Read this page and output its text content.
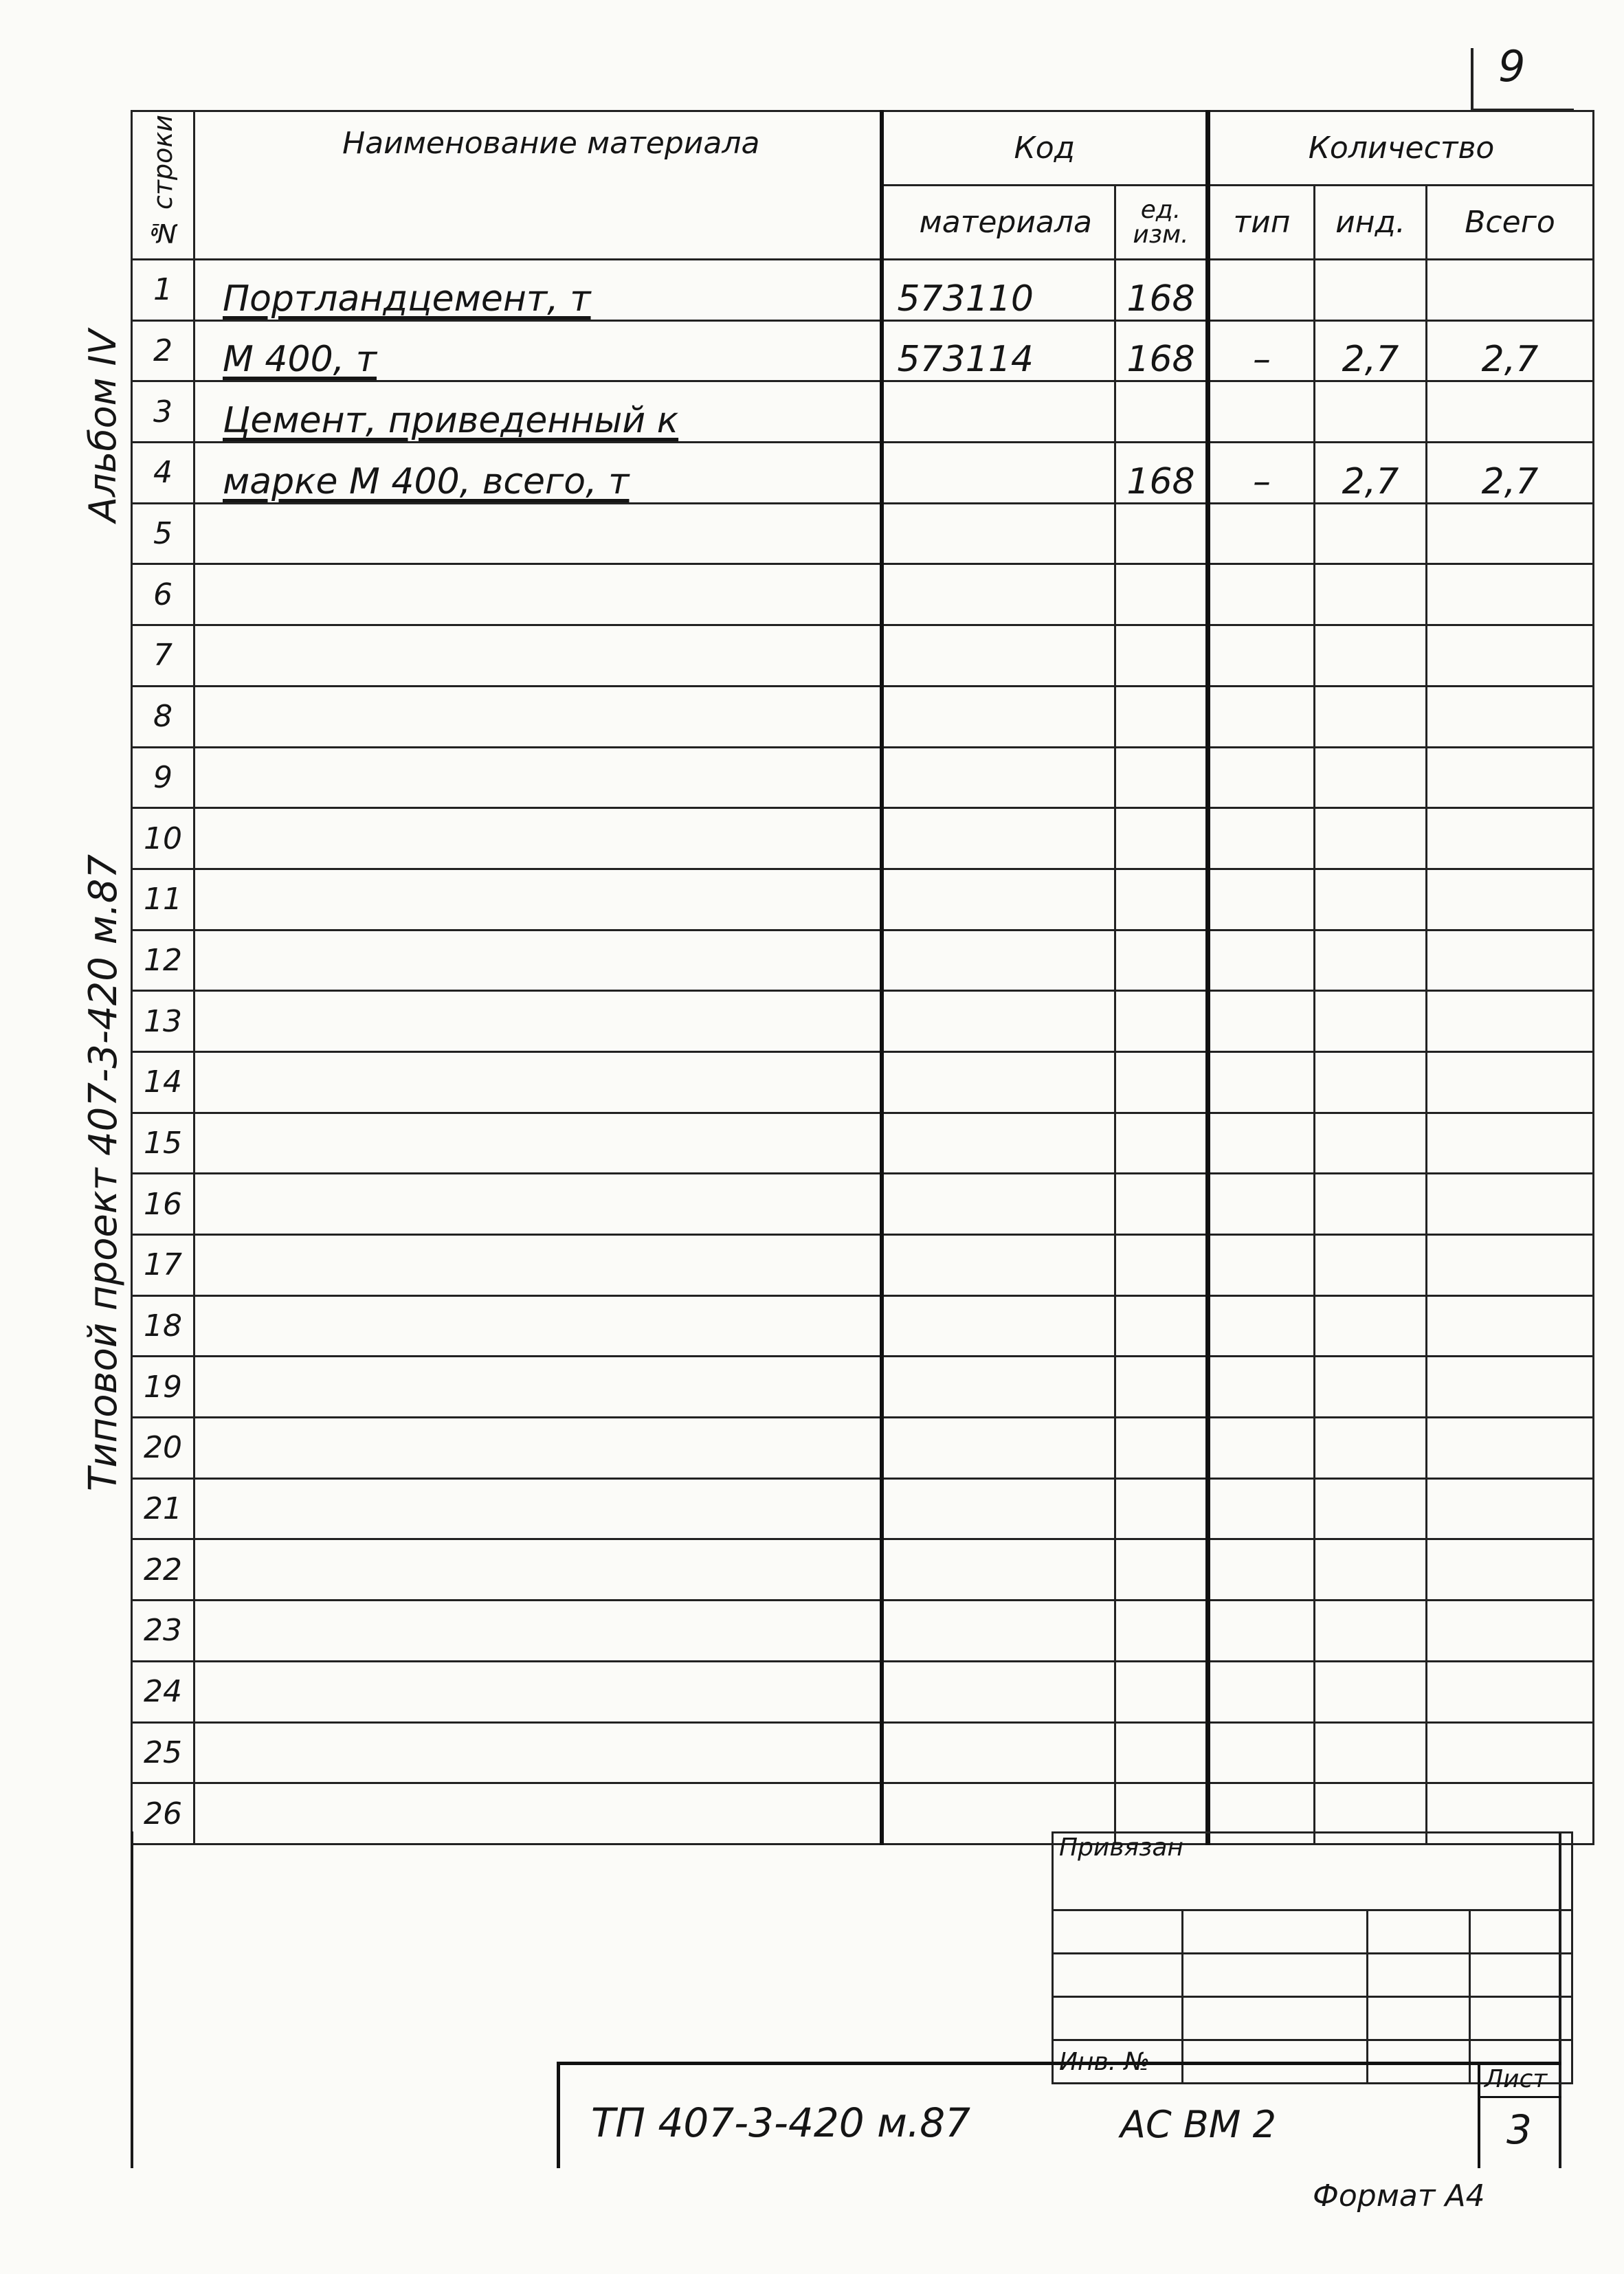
9
Альбом IV
Типовой проект 407-3-420 м.87
№ строки	Наименование материала	Код		Количество		
		материала	ед. изм.	тип	инд.	Всего
1	Портландцемент, т	573110	168			
2	М 400, т	573114	168	–	2,7	2,7
3	Цемент, приведенный к					
4	марке М 400, всего, т		168	–	2,7	2,7
5						
6						
7						
8						
9						
10						
11						
12						
13						
14						
15						
16						
17						
18						
19						
20						
21						
22						
23						
24						
25						
26						
Привязан			

Инв. №			
ТП 407-3-420 м.87	АС ВМ 2
Лист
3
Формат А4
